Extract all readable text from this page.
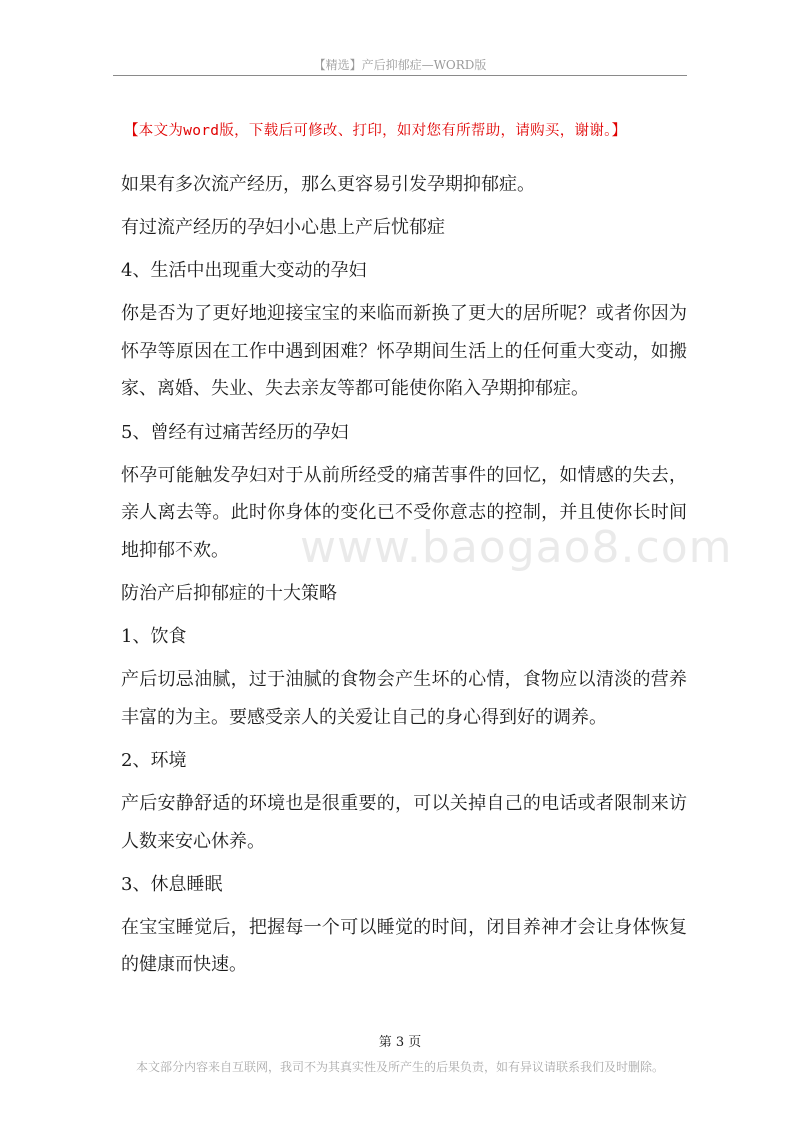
【精选】产后抑郁症—WORD版
【本文为word版，下载后可修改、打印，如对您有所帮助，请购买，谢谢。】

如果有多次流产经历，那么更容易引发孕期抑郁症。

有过流产经历的孕妇小心患上产后忧郁症

4、生活中出现重大变动的孕妇

你是否为了更好地迎接宝宝的来临而新换了更大的居所呢？或者你因为怀孕等原因在工作中遇到困难？怀孕期间生活上的任何重大变动，如搬家、离婚、失业、失去亲友等都可能使你陷入孕期抑郁症。

5、曾经有过痛苦经历的孕妇

怀孕可能触发孕妇对于从前所经受的痛苦事件的回忆，如情感的失去，亲人离去等。此时你身体的变化已不受你意志的控制，并且使你长时间地抑郁不欢。

防治产后抑郁症的十大策略

1、饮食

产后切忌油腻，过于油腻的食物会产生坏的心情，食物应以清淡的营养丰富的为主。要感受亲人的关爱让自己的身心得到好的调养。

2、环境

产后安静舒适的环境也是很重要的，可以关掉自己的电话或者限制来访人数来安心休养。

3、休息睡眠

在宝宝睡觉后，把握每一个可以睡觉的时间，闭目养神才会让身体恢复的健康而快速。

www.baogao8.com
第 3 页
本文部分内容来自互联网，我司不为其真实性及所产生的后果负责，如有异议请联系我们及时删除。
